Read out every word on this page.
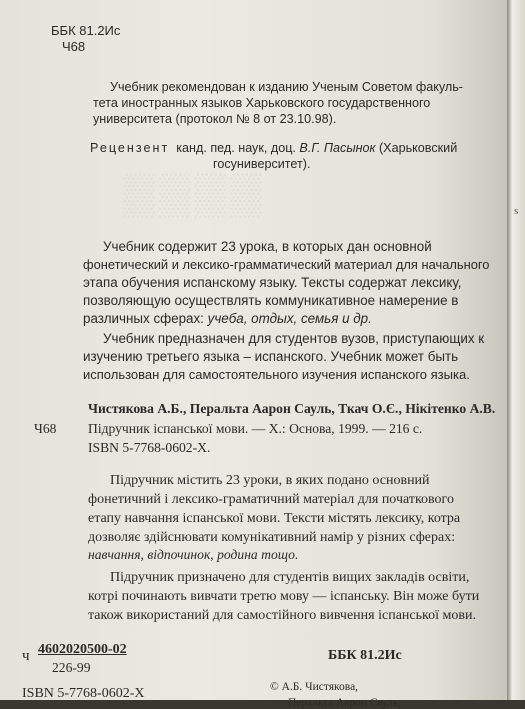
▒▒▒▒
ББК 81.2Ис
Ч68
Учебник рекомендован к изданию Ученым Советом факуль-
тета иностранных языков Харьковского государственного
университета (протокол № 8 от 23.10.98).
Рецензент канд. пед. наук, доц. В.Г. Пасынок (Харьковский
госуниверситет).
Учебник содержит 23 урока, в которых дан основной
фонетический и лексико-грамматический материал для начального
этапа обучения испанскому языку. Тексты содержат лексику,
позволяющую осуществлять коммуникативное намерение в
различных сферах: учеба, отдых, семья и др.
Учебник предназначен для студентов вузов, приступающих к
изучению третьего языка – испанского. Учебник может быть
использован для самостоятельного изучения испанского языка.
Чистякова А.Б., Перальта Аарон Сауль, Ткач О.Є., Нікітенко А.В.
Ч68 Підручник іспанської мови. — Х.: Основа, 1999. — 216 с.
ISBN 5-7768-0602-X.
Підручник містить 23 уроки, в яких подано основний
фонетичний і лексико-граматичний матеріал для початкового
етапу навчання іспанської мови. Тексти містять лексику, котра
дозволяє здійснювати комунікативний намір у різних сферах:
навчання, відпочинок, родина тощо.
Підручник призначено для студентів вищих закладів освіти,
котрі починають вивчати третю мову — іспанську. Він може бути
також використаний для самостійного вивчення іспанської мови.
ч 4602020500-02
226-99
ББК 81.2Ис
ISBN 5-7768-0602-X	© А.Б. Чистякова,
Перальта Аарон Сауль,
s
